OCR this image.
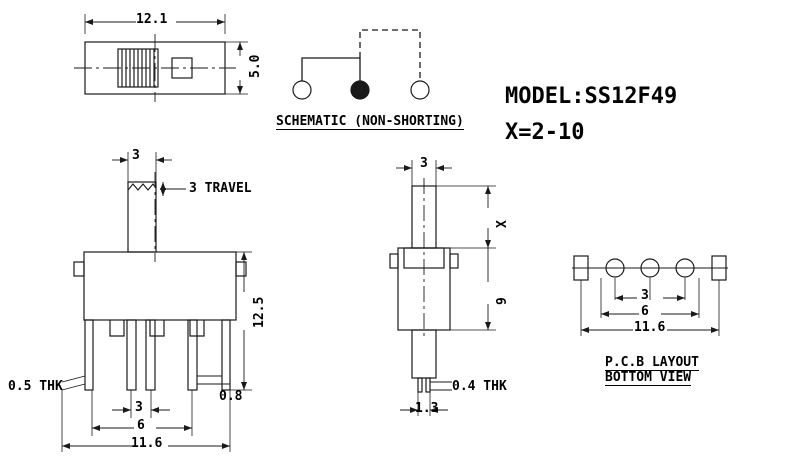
MODEL:SS12F49
X=2-10
12.1
5.0
SCHEMATIC (NON-SHORTING)
3
3 TRAVEL
12.5
0.5 THK
3
6
0.8
11.6
3
X
9
0.4 THK
1.3
3
6
11.6
P.C.B LAYOUT
BOTTOM VIEW
